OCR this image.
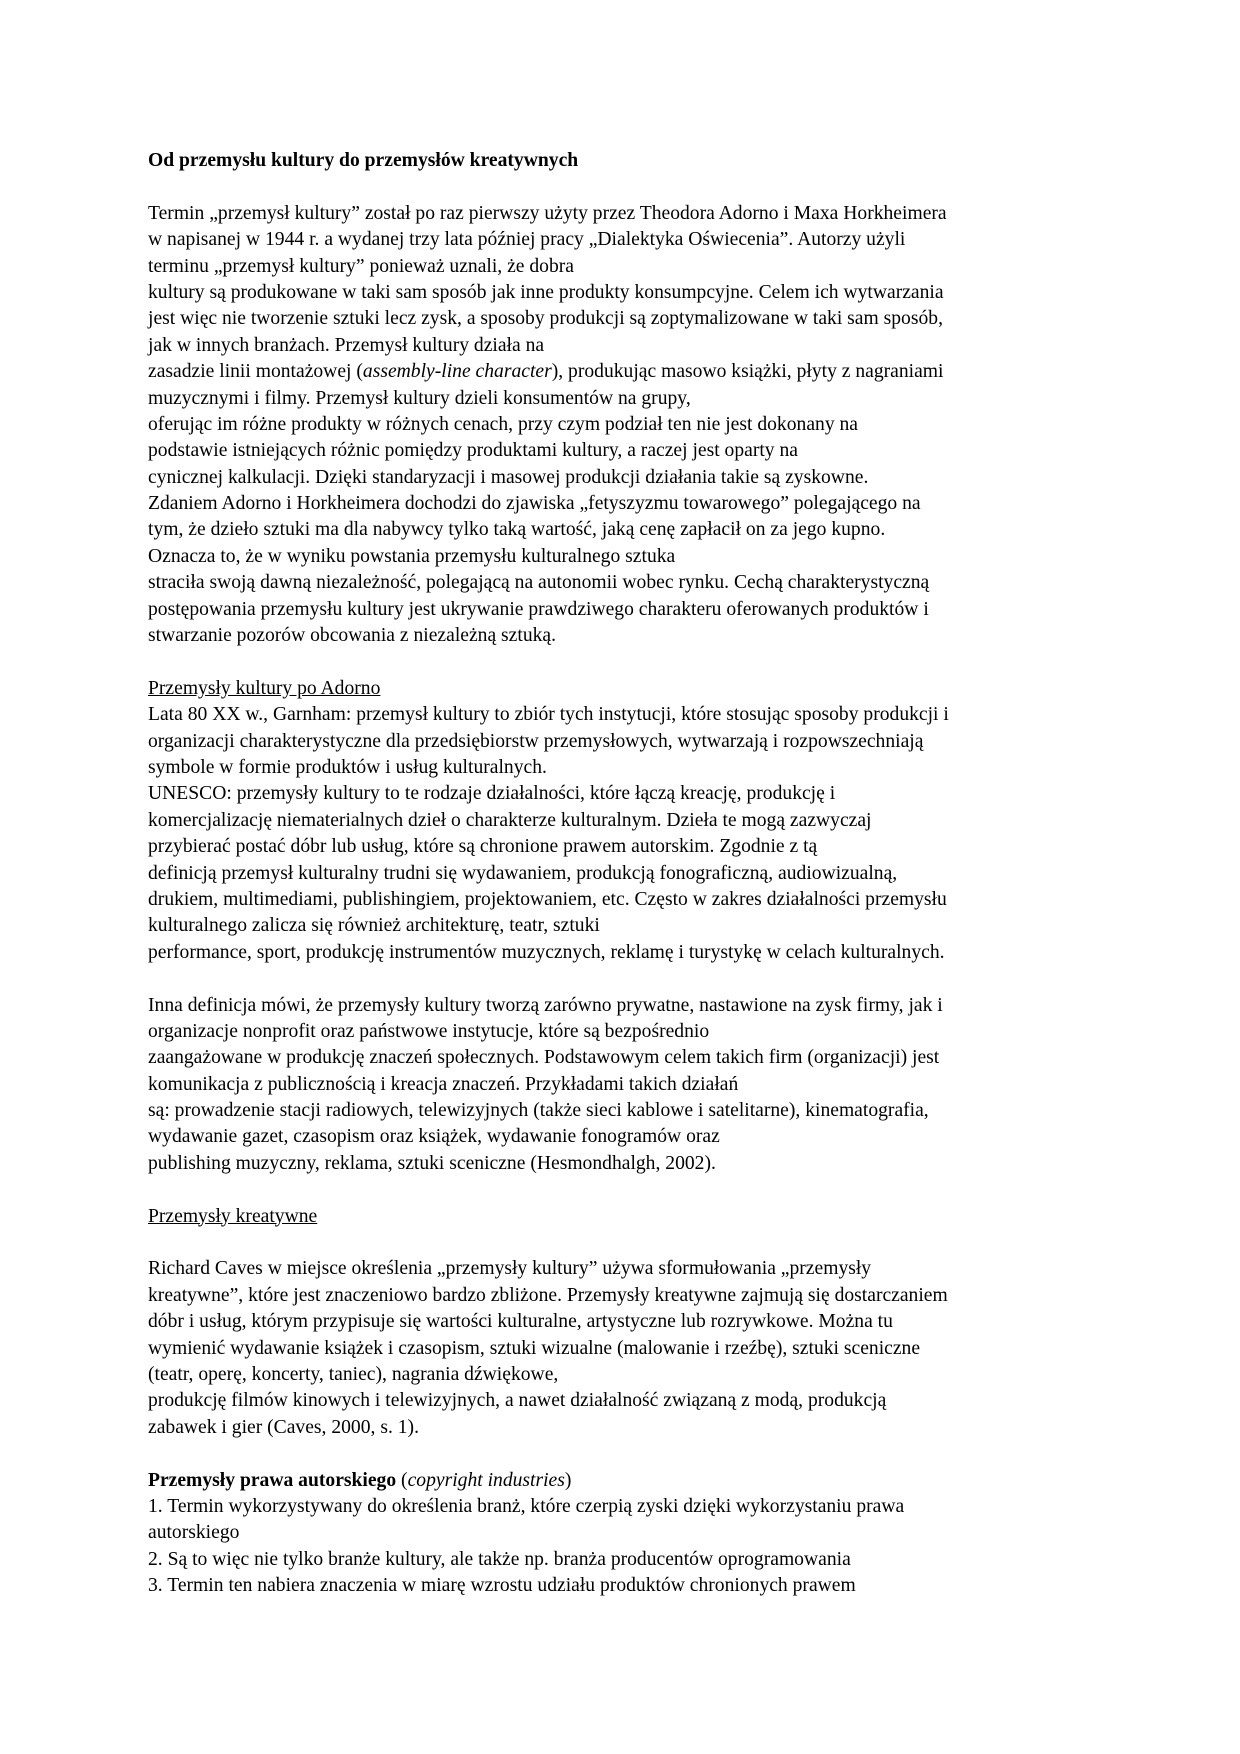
Od przemysłu kultury do przemysłów kreatywnych
Termin „przemysł kultury” został po raz pierwszy użyty przez Theodora Adorno i Maxa Horkheimera
w napisanej w 1944 r. a wydanej trzy lata później pracy „Dialektyka Oświecenia”. Autorzy użyli
terminu „przemysł kultury” ponieważ uznali, że dobra
kultury są produkowane w taki sam sposób jak inne produkty konsumpcyjne. Celem ich wytwarzania
jest więc nie tworzenie sztuki lecz zysk, a sposoby produkcji są zoptymalizowane w taki sam sposób,
jak w innych branżach. Przemysł kultury działa na
zasadzie linii montażowej (assembly-line character), produkując masowo książki, płyty z nagraniami
muzycznymi i filmy. Przemysł kultury dzieli konsumentów na grupy,
oferując im różne produkty w różnych cenach, przy czym podział ten nie jest dokonany na
podstawie istniejących różnic pomiędzy produktami kultury, a raczej jest oparty na
cynicznej kalkulacji. Dzięki standaryzacji i masowej produkcji działania takie są zyskowne.
Zdaniem Adorno i Horkheimera dochodzi do zjawiska „fetyszyzmu towarowego” polegającego na
tym, że dzieło sztuki ma dla nabywcy tylko taką wartość, jaką cenę zapłacił on za jego kupno.
Oznacza to, że w wyniku powstania przemysłu kulturalnego sztuka
straciła swoją dawną niezależność, polegającą na autonomii wobec rynku. Cechą charakterystyczną
postępowania przemysłu kultury jest ukrywanie prawdziwego charakteru oferowanych produktów i
stwarzanie pozorów obcowania z niezależną sztuką.
Przemysły kultury po Adorno
Lata 80 XX w., Garnham: przemysł kultury to zbiór tych instytucji, które stosując sposoby produkcji i
organizacji charakterystyczne dla przedsiębiorstw przemysłowych, wytwarzają i rozpowszechniają
symbole w formie produktów i usług kulturalnych.
UNESCO: przemysły kultury to te rodzaje działalności, które łączą kreację, produkcję i
komercjalizację niematerialnych dzieł o charakterze kulturalnym. Dzieła te mogą zazwyczaj
przybierać postać dóbr lub usług, które są chronione prawem autorskim. Zgodnie z tą
definicją przemysł kulturalny trudni się wydawaniem, produkcją fonograficzną, audiowizualną,
drukiem, multimediami, publishingiem, projektowaniem, etc. Często w zakres działalności przemysłu
kulturalnego zalicza się również architekturę, teatr, sztuki
performance, sport, produkcję instrumentów muzycznych, reklamę i turystykę w celach kulturalnych.
Inna definicja mówi, że przemysły kultury tworzą zarówno prywatne, nastawione na zysk firmy, jak i
organizacje nonprofit oraz państwowe instytucje, które są bezpośrednio
zaangażowane w produkcję znaczeń społecznych. Podstawowym celem takich firm (organizacji) jest
komunikacja z publicznością i kreacja znaczeń. Przykładami takich działań
są: prowadzenie stacji radiowych, telewizyjnych (także sieci kablowe i satelitarne), kinematografia,
wydawanie gazet, czasopism oraz książek, wydawanie fonogramów oraz
publishing muzyczny, reklama, sztuki sceniczne (Hesmondhalgh, 2002).
Przemysły kreatywne
Richard Caves w miejsce określenia „przemysły kultury” używa sformułowania „przemysły
kreatywne”, które jest znaczeniowo bardzo zbliżone. Przemysły kreatywne zajmują się dostarczaniem
dóbr i usług, którym przypisuje się wartości kulturalne, artystyczne lub rozrywkowe. Można tu
wymienić wydawanie książek i czasopism, sztuki wizualne (malowanie i rzeźbę), sztuki sceniczne
(teatr, operę, koncerty, taniec), nagrania dźwiękowe,
produkcję filmów kinowych i telewizyjnych, a nawet działalność związaną z modą, produkcją
zabawek i gier (Caves, 2000, s. 1).
Przemysły prawa autorskiego (copyright industries)
1. Termin wykorzystywany do określenia branż, które czerpią zyski dzięki wykorzystaniu prawa
autorskiego
2. Są to więc nie tylko branże kultury, ale także np. branża producentów oprogramowania
3. Termin ten nabiera znaczenia w miarę wzrostu udziału produktów chronionych prawem
